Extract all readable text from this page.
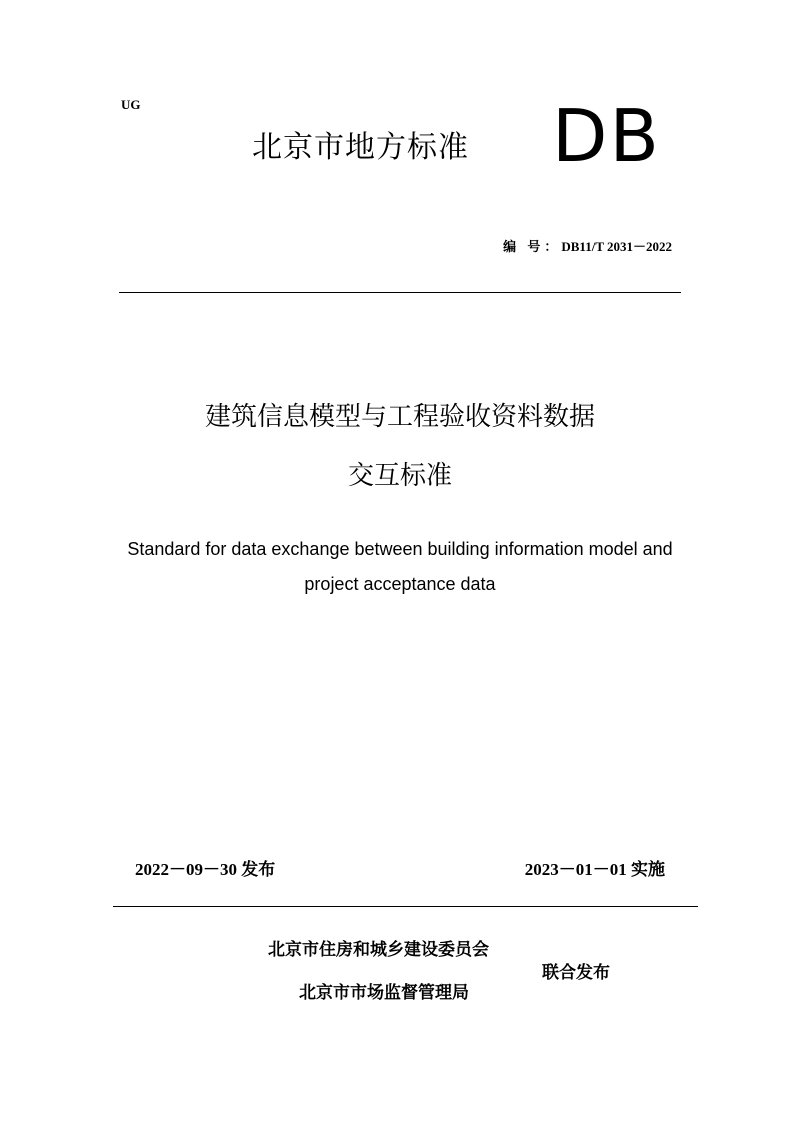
UG
北京市地方标准 DB
编 号：DB11/T 2031－2022
建筑信息模型与工程验收资料数据
交互标准
Standard for data exchange between building information model and
project acceptance data
2022－09－30 发布	2023－01－01 实施
北京市住房和城乡建设委员会
北京市市场监督管理局
联合发布
